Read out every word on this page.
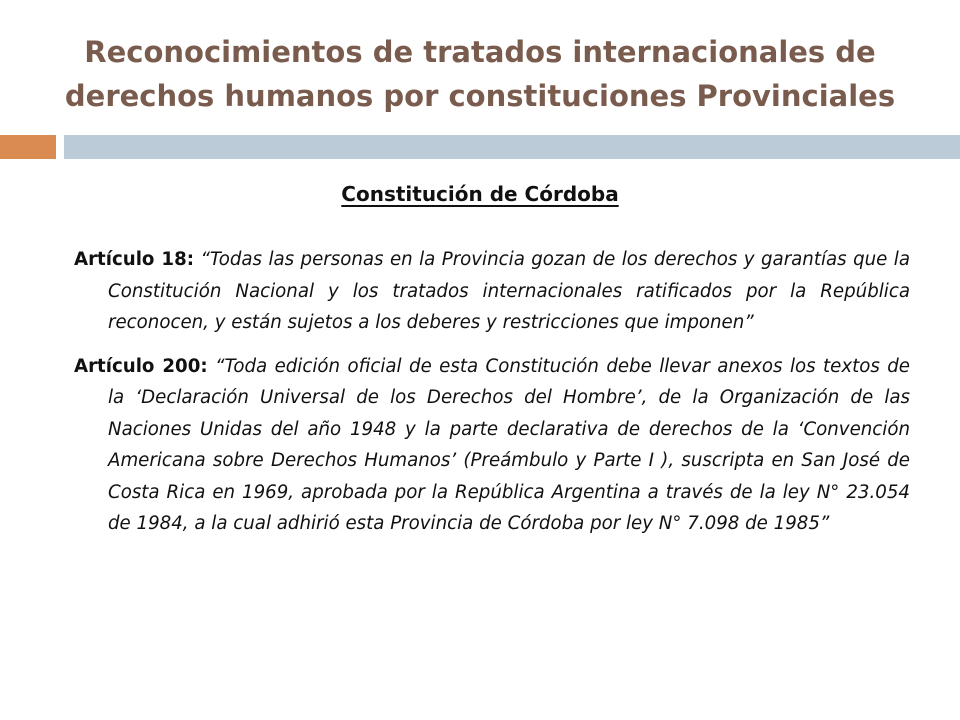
Reconocimientos de tratados internacionales de
derechos humanos por constituciones Provinciales
Constitución de Córdoba

Artículo 18: “Todas las personas en la Provincia gozan de los derechos y garantías que la Constitución Nacional y los tratados internacionales ratificados por la República reconocen, y están sujetos a los deberes y restricciones que imponen”

Artículo 200: “Toda edición oficial de esta Constitución debe llevar anexos los textos de la ‘Declaración Universal de los Derechos del Hombre’, de la Organización de las Naciones Unidas del año 1948 y la parte declarativa de derechos de la ‘Convención Americana sobre Derechos Humanos’ (Preámbulo y Parte I ), suscripta en San José de Costa Rica en 1969, aprobada por la República Argentina a través de la ley N° 23.054 de 1984, a la cual adhirió esta Provincia de Córdoba por ley N° 7.098 de 1985”
